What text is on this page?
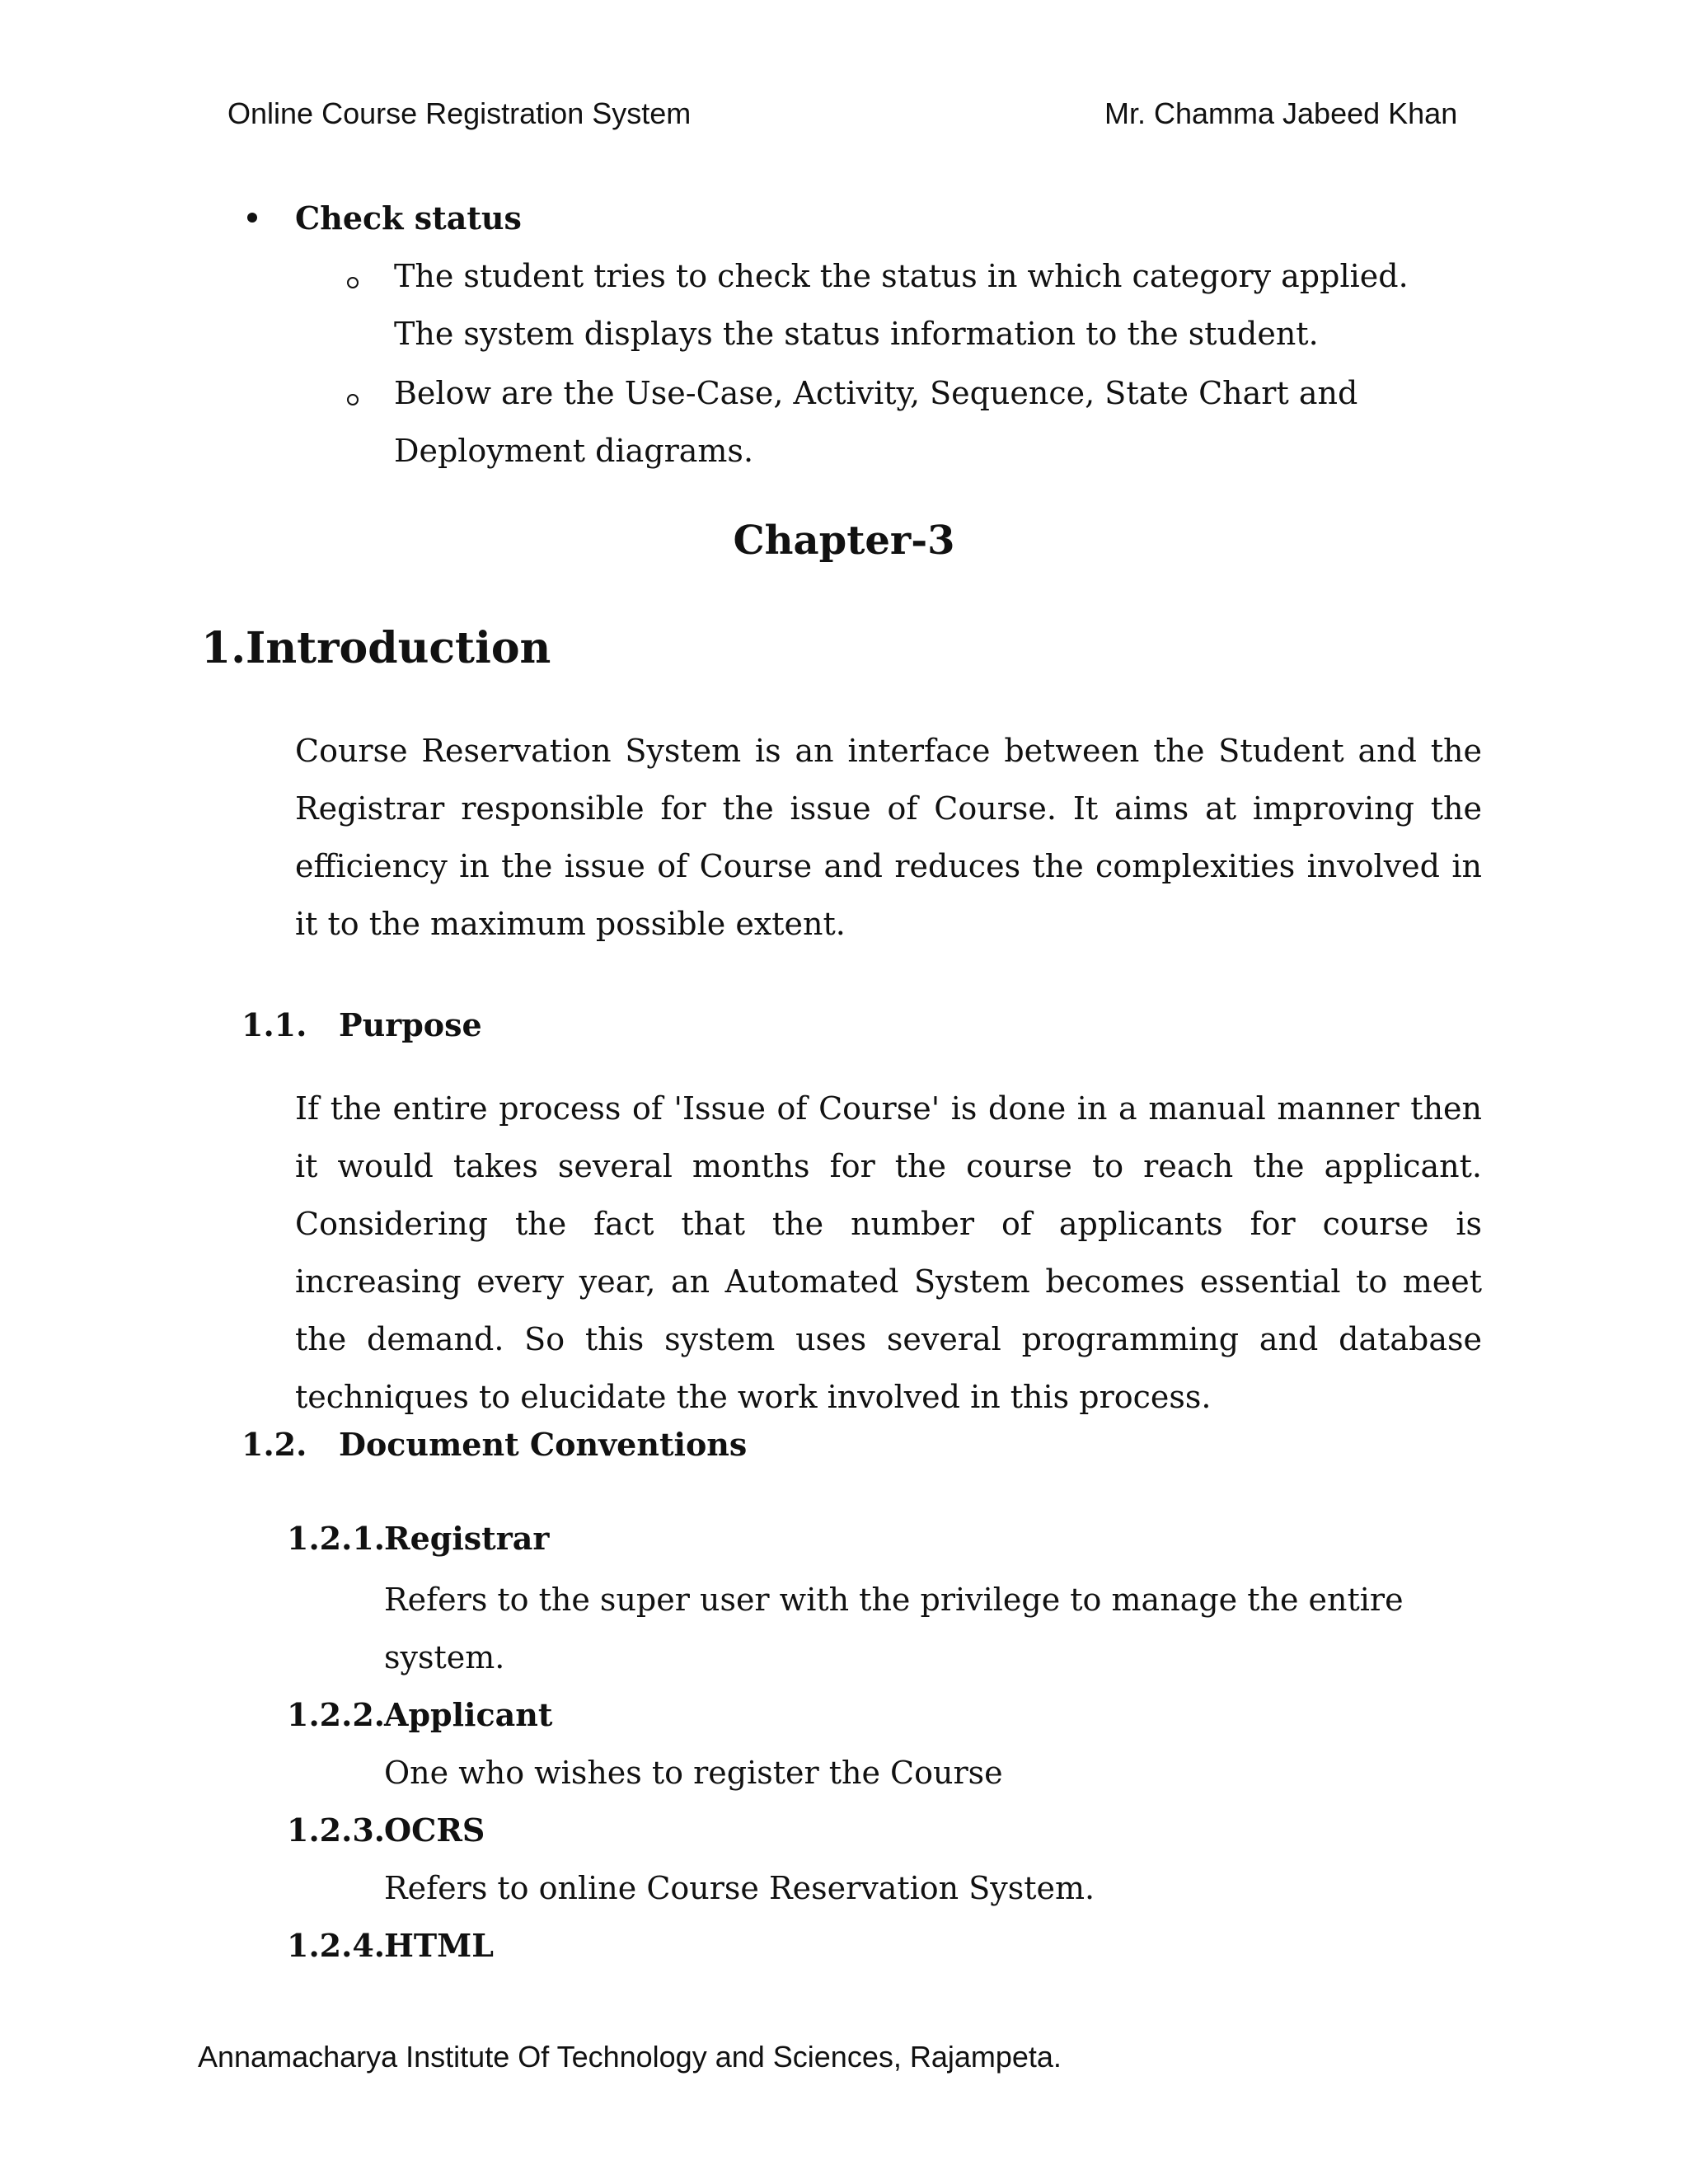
Online Course Registration System	Mr. Chamma Jabeed Khan
Check status
The student tries to check the status in which category applied.
The system displays the status information to the student.
Below are the Use-Case, Activity, Sequence, State Chart and
Deployment diagrams.
Chapter-3
1. Introduction
Course Reservation System is an interface between the Student and the
Registrar responsible for the issue of Course. It aims at improving the
efficiency in the issue of Course and reduces the complexities involved in
it to the maximum possible extent.
1.1. Purpose
If the entire process of 'Issue of Course' is done in a manual manner then
it would takes several months for the course to reach the applicant.
Considering the fact that the number of applicants for course is
increasing every year, an Automated System becomes essential to meet
the demand. So this system uses several programming and database
techniques to elucidate the work involved in this process.
1.2. Document Conventions
1.2.1.
Registrar
Refers to the super user with the privilege to manage the entire
system.
1.2.2.
Applicant
One who wishes to register the Course
1.2.3.
OCRS
Refers to online Course Reservation System.
1.2.4.
HTML
Annamacharya Institute Of Technology and Sciences, Rajampeta.
